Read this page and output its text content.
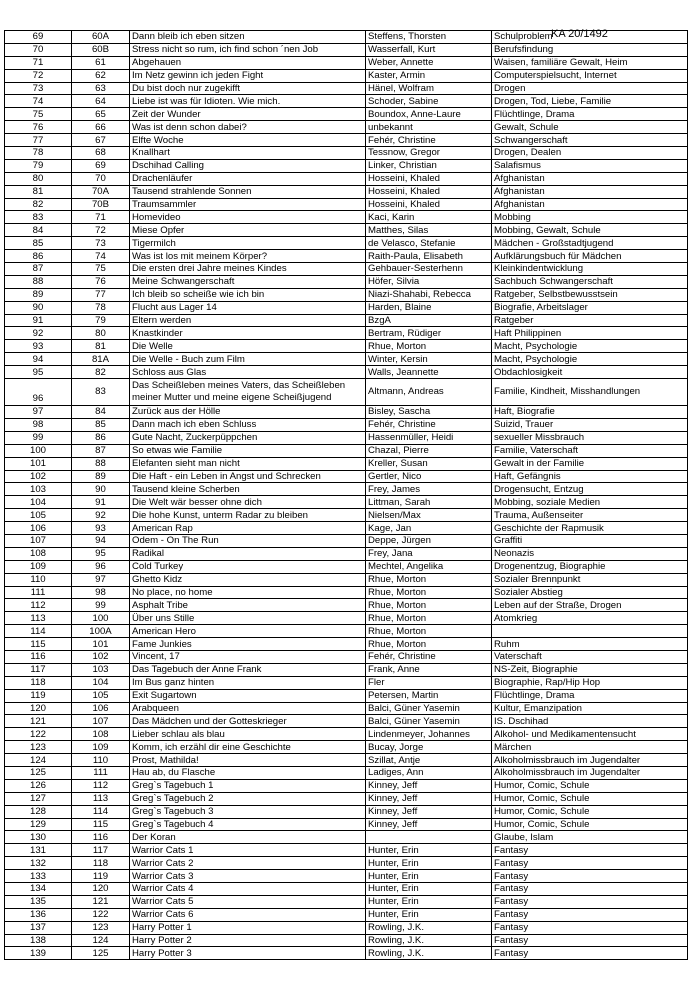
69	60A	Dann bleib ich eben sitzen	Steffens, Thorsten	Schulproblem
70	60B	Stress nicht so rum, ich find schon ´nen Job	Wasserfall, Kurt	Berufsfindung
71	61	Abgehauen	Weber, Annette	Waisen, familiäre Gewalt, Heim
72	62	Im Netz gewinn ich jeden Fight	Kaster, Armin	Computerspielsucht, Internet
73	63	Du bist doch nur zugekifft	Hänel, Wolfram	Drogen
74	64	Liebe ist was für Idioten. Wie mich.	Schoder, Sabine	Drogen, Tod, Liebe, Familie
75	65	Zeit der Wunder	Boundox, Anne-Laure	Flüchtlinge, Drama
76	66	Was ist denn schon dabei?	unbekannt	Gewalt, Schule
77	67	Elfte Woche	Fehér, Christine	Schwangerschaft
78	68	Knallhart	Tessnow, Gregor	Drogen, Dealen
79	69	Dschihad Calling	Linker, Christian	Salafismus
80	70	Drachenläufer	Hosseini, Khaled	Afghanistan
81	70A	Tausend strahlende Sonnen	Hosseini, Khaled	Afghanistan
82	70B	Traumsammler	Hosseini, Khaled	Afghanistan
83	71	Homevideo	Kaci, Karin	Mobbing
84	72	Miese Opfer	Matthes, Silas	Mobbing, Gewalt, Schule
85	73	Tigermilch	de Velasco, Stefanie	Mädchen - Großstadtjugend
86	74	Was ist los mit meinem Körper?	Raith-Paula, Elisabeth	Aufklärungsbuch für Mädchen
87	75	Die ersten drei Jahre meines Kindes	Gehbauer-Sesterhenn	Kleinkindentwicklung
88	76	Meine Schwangerschaft	Höfer, Silvia	Sachbuch Schwangerschaft
89	77	Ich bleib so scheiße wie ich bin	Niazi-Shahabi, Rebecca	Ratgeber, Selbstbewusstsein
90	78	Flucht aus Lager 14	Harden, Blaine	Biografie, Arbeitslager
91	79	Eltern werden	BzgA	Ratgeber
92	80	Knastkinder	Bertram, Rüdiger	Haft Philippinen
93	81	Die Welle	Rhue, Morton	Macht, Psychologie
94	81A	Die Welle - Buch zum Film	Winter, Kersin	Macht, Psychologie
95	82	Schloss aus Glas	Walls, Jeannette	Obdachlosigkeit
96	83	Das Scheißleben meines Vaters, das Scheißleben meiner Mutter und meine eigene Scheißjugend	Altmann, Andreas	Familie, Kindheit, Misshandlungen
97	84	Zurück aus der Hölle	Bisley, Sascha	Haft, Biografie
98	85	Dann mach ich eben Schluss	Fehér, Christine	Suizid, Trauer
99	86	Gute Nacht, Zuckerpüppchen	Hassenmüller, Heidi	sexueller Missbrauch
100	87	So etwas wie Familie	Chazal, Pierre	Familie, Vaterschaft
101	88	Elefanten sieht man nicht	Kreller, Susan	Gewalt in der Familie
102	89	Die Haft - ein Leben in Angst und Schrecken	Gertler, Nico	Haft, Gefängnis
103	90	Tausend kleine Scherben	Frey, James	Drogensucht, Entzug
104	91	Die Welt wär besser ohne dich	Littman, Sarah	Mobbing, soziale Medien
105	92	Die hohe Kunst, unterm Radar zu bleiben	Nielsen/Max	Trauma, Außenseiter
106	93	American Rap	Kage, Jan	Geschichte der Rapmusik
107	94	Odem - On The Run	Deppe, Jürgen	Graffiti
108	95	Radikal	Frey, Jana	Neonazis
109	96	Cold Turkey	Mechtel, Angelika	Drogenentzug, Biographie
110	97	Ghetto Kidz	Rhue, Morton	Sozialer Brennpunkt
111	98	No place, no home	Rhue, Morton	Sozialer Abstieg
112	99	Asphalt Tribe	Rhue, Morton	Leben auf der Straße, Drogen
113	100	Über uns Stille	Rhue, Morton	Atomkrieg
114	100A	American Hero	Rhue, Morton	
115	101	Fame Junkies	Rhue, Morton	Ruhm
116	102	Vincent, 17	Fehér, Christine	Vaterschaft
117	103	Das Tagebuch der Anne Frank	Frank, Anne	NS-Zeit, Biographie
118	104	Im Bus ganz hinten	Fler	Biographie, Rap/Hip Hop
119	105	Exit Sugartown	Petersen, Martin	Flüchtlinge, Drama
120	106	Arabqueen	Balci, Güner Yasemin	Kultur, Emanzipation
121	107	Das Mädchen und der Gotteskrieger	Balci, Güner Yasemin	IS. Dschihad
122	108	Lieber schlau als blau	Lindenmeyer, Johannes	Alkohol- und Medikamentensucht
123	109	Komm, ich erzähl dir eine Geschichte	Bucay, Jorge	Märchen
124	110	Prost, Mathilda!	Szillat, Antje	Alkoholmissbrauch im Jugendalter
125	111	Hau ab, du Flasche	Ladiges, Ann	Alkoholmissbrauch im Jugendalter
126	112	Greg`s Tagebuch 1	Kinney, Jeff	Humor, Comic, Schule
127	113	Greg`s Tagebuch 2	Kinney, Jeff	Humor, Comic, Schule
128	114	Greg`s Tagebuch 3	Kinney, Jeff	Humor, Comic, Schule
129	115	Greg`s Tagebuch 4	Kinney, Jeff	Humor, Comic, Schule
130	116	Der Koran		Glaube, Islam
131	117	Warrior Cats 1	Hunter, Erin	Fantasy
132	118	Warrior Cats 2	Hunter, Erin	Fantasy
133	119	Warrior Cats 3	Hunter, Erin	Fantasy
134	120	Warrior Cats 4	Hunter, Erin	Fantasy
135	121	Warrior Cats 5	Hunter, Erin	Fantasy
136	122	Warrior Cats 6	Hunter, Erin	Fantasy
137	123	Harry Potter 1	Rowling, J.K.	Fantasy
138	124	Harry Potter 2	Rowling, J.K.	Fantasy
139	125	Harry Potter 3	Rowling, J.K.	Fantasy
KA 20/1492
